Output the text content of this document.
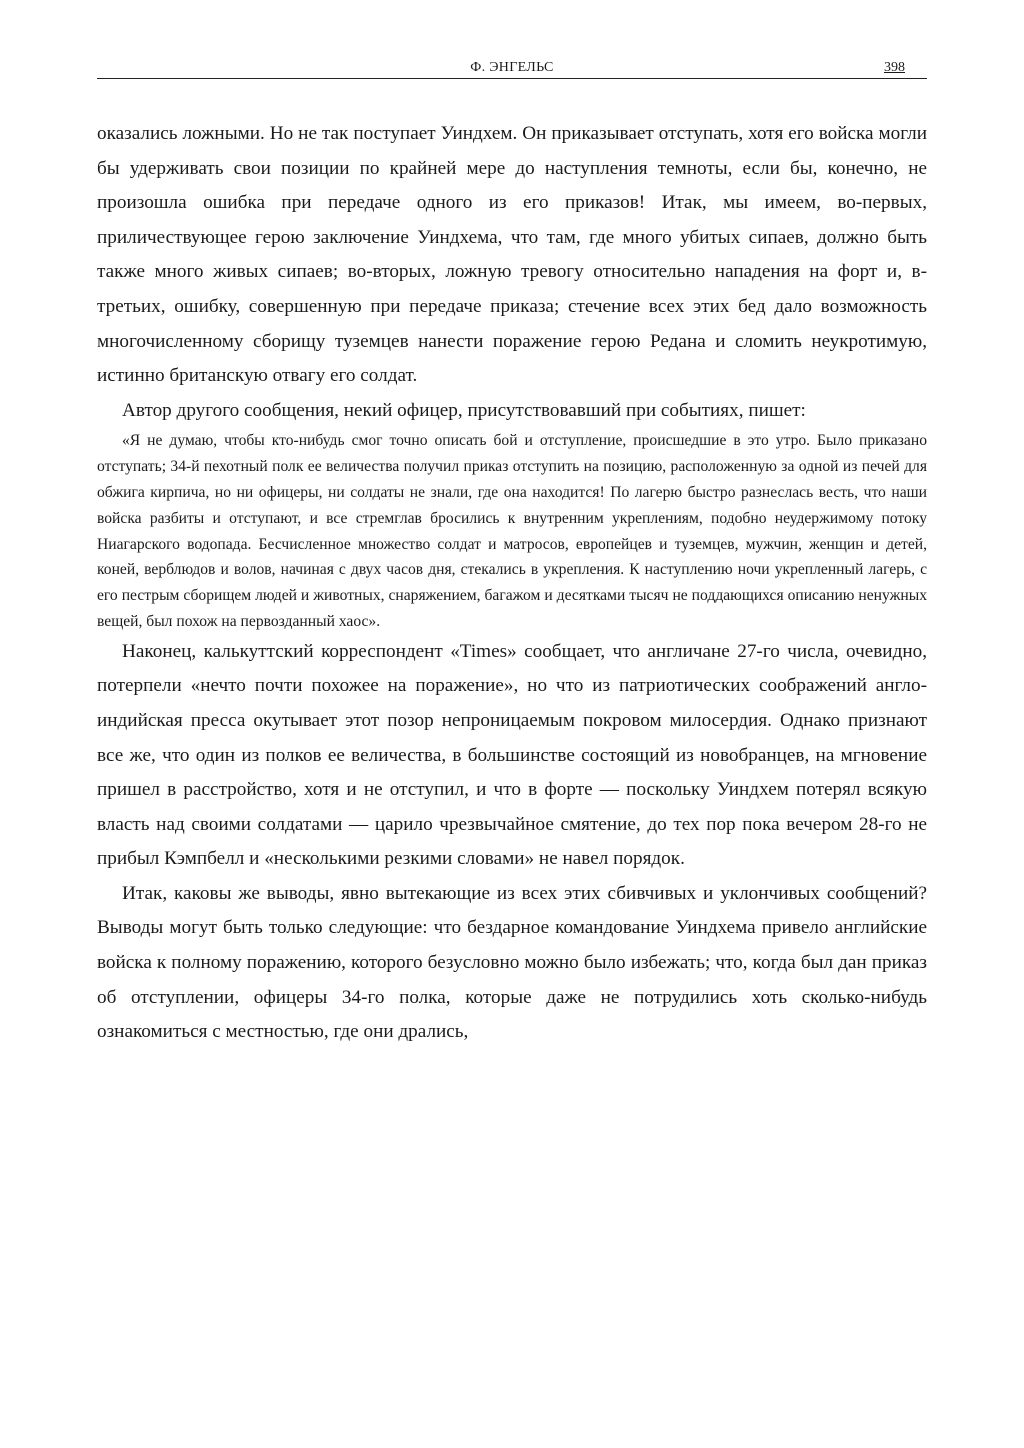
Ф. ЭНГЕЛЬС	398

оказались ложными. Но не так поступает Уиндхем. Он приказывает отступать, хотя его войска могли бы удерживать свои позиции по крайней мере до наступления темноты, если бы, конечно, не произошла ошибка при передаче одного из его приказов! Итак, мы имеем, во-первых, приличествующее герою заключение Уиндхема, что там, где много убитых сипаев, должно быть также много живых сипаев; во-вторых, ложную тревогу относительно нападения на форт и, в-третьих, ошибку, совершенную при передаче приказа; стечение всех этих бед дало возможность многочисленному сборищу туземцев нанести поражение герою Редана и сломить неукротимую, истинно британскую отвагу его солдат.

Автор другого сообщения, некий офицер, присутствовавший при событиях, пишет:

«Я не думаю, чтобы кто-нибудь смог точно описать бой и отступление, происшедшие в это утро. Было приказано отступать; 34-й пехотный полк ее величества получил приказ отступить на позицию, расположенную за одной из печей для обжига кирпича, но ни офицеры, ни солдаты не знали, где она находится! По лагерю быстро разнеслась весть, что наши войска разбиты и отступают, и все стремглав бросились к внутренним укреплениям, подобно неудержимому потоку Ниагарского водопада. Бесчисленное множество солдат и матросов, европейцев и туземцев, мужчин, женщин и детей, коней, верблюдов и волов, начиная с двух часов дня, стекались в укрепления. К наступлению ночи укрепленный лагерь, с его пестрым сборищем людей и животных, снаряжением, багажом и десятками тысяч не поддающихся описанию ненужных вещей, был похож на первозданный хаос».

Наконец, калькуттский корреспондент «Times» сообщает, что англичане 27-го числа, очевидно, потерпели «нечто почти похожее на поражение», но что из патриотических соображений англо-индийская пресса окутывает этот позор непроницаемым покровом милосердия. Однако признают все же, что один из полков ее величества, в большинстве состоящий из новобранцев, на мгновение пришел в расстройство, хотя и не отступил, и что в форте — поскольку Уиндхем потерял всякую власть над своими солдатами — царило чрезвычайное смятение, до тех пор пока вечером 28-го не прибыл Кэмпбелл и «несколькими резкими словами» не навел порядок.

Итак, каковы же выводы, явно вытекающие из всех этих сбивчивых и уклончивых сообщений? Выводы могут быть только следующие: что бездарное командование Уиндхема привело английские войска к полному поражению, которого безусловно можно было избежать; что, когда был дан приказ об отступлении, офицеры 34-го полка, которые даже не потрудились хоть сколько-нибудь ознакомиться с местностью, где они дрались,
